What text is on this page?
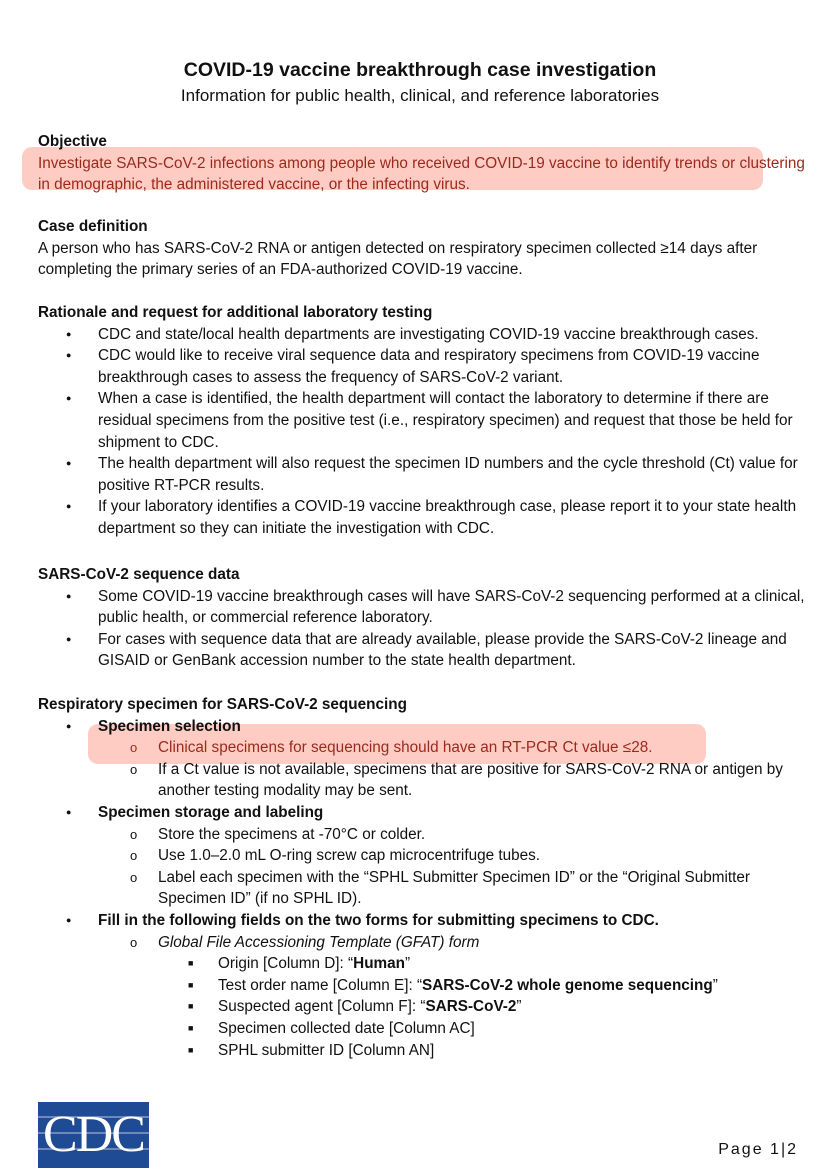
COVID-19 vaccine breakthrough case investigation
Information for public health, clinical, and reference laboratories
Objective
Investigate SARS-CoV-2 infections among people who received COVID-19 vaccine to identify trends or clustering in demographic, the administered vaccine, or the infecting virus.
Case definition
A person who has SARS-CoV-2 RNA or antigen detected on respiratory specimen collected ≥14 days after completing the primary series of an FDA-authorized COVID-19 vaccine.
Rationale and request for additional laboratory testing
● CDC and state/local health departments are investigating COVID-19 vaccine breakthrough cases.
● CDC would like to receive viral sequence data and respiratory specimens from COVID-19 vaccine breakthrough cases to assess the frequency of SARS-CoV-2 variant.
● When a case is identified, the health department will contact the laboratory to determine if there are residual specimens from the positive test (i.e., respiratory specimen) and request that those be held for shipment to CDC.
● The health department will also request the specimen ID numbers and the cycle threshold (Ct) value for positive RT-PCR results.
● If your laboratory identifies a COVID-19 vaccine breakthrough case, please report it to your state health department so they can initiate the investigation with CDC.
SARS-CoV-2 sequence data
● Some COVID-19 vaccine breakthrough cases will have SARS-CoV-2 sequencing performed at a clinical, public health, or commercial reference laboratory.
● For cases with sequence data that are already available, please provide the SARS-CoV-2 lineage and GISAID or GenBank accession number to the state health department.
Respiratory specimen for SARS-CoV-2 sequencing
● Specimen selection
o Clinical specimens for sequencing should have an RT-PCR Ct value ≤28.
o If a Ct value is not available, specimens that are positive for SARS-CoV-2 RNA or antigen by another testing modality may be sent.
● Specimen storage and labeling
o Store the specimens at -70°C or colder.
o Use 1.0–2.0 mL O-ring screw cap microcentrifuge tubes.
o Label each specimen with the “SPHL Submitter Specimen ID” or the “Original Submitter Specimen ID” (if no SPHL ID).
● Fill in the following fields on the two forms for submitting specimens to CDC.
o Global File Accessioning Template (GFAT) form
■ Origin [Column D]: “Human”
■ Test order name [Column E]: “SARS-CoV-2 whole genome sequencing”
■ Suspected agent [Column F]: “SARS-CoV-2”
■ Specimen collected date [Column AC]
■ SPHL submitter ID [Column AN]
CDC	Page 1|2
